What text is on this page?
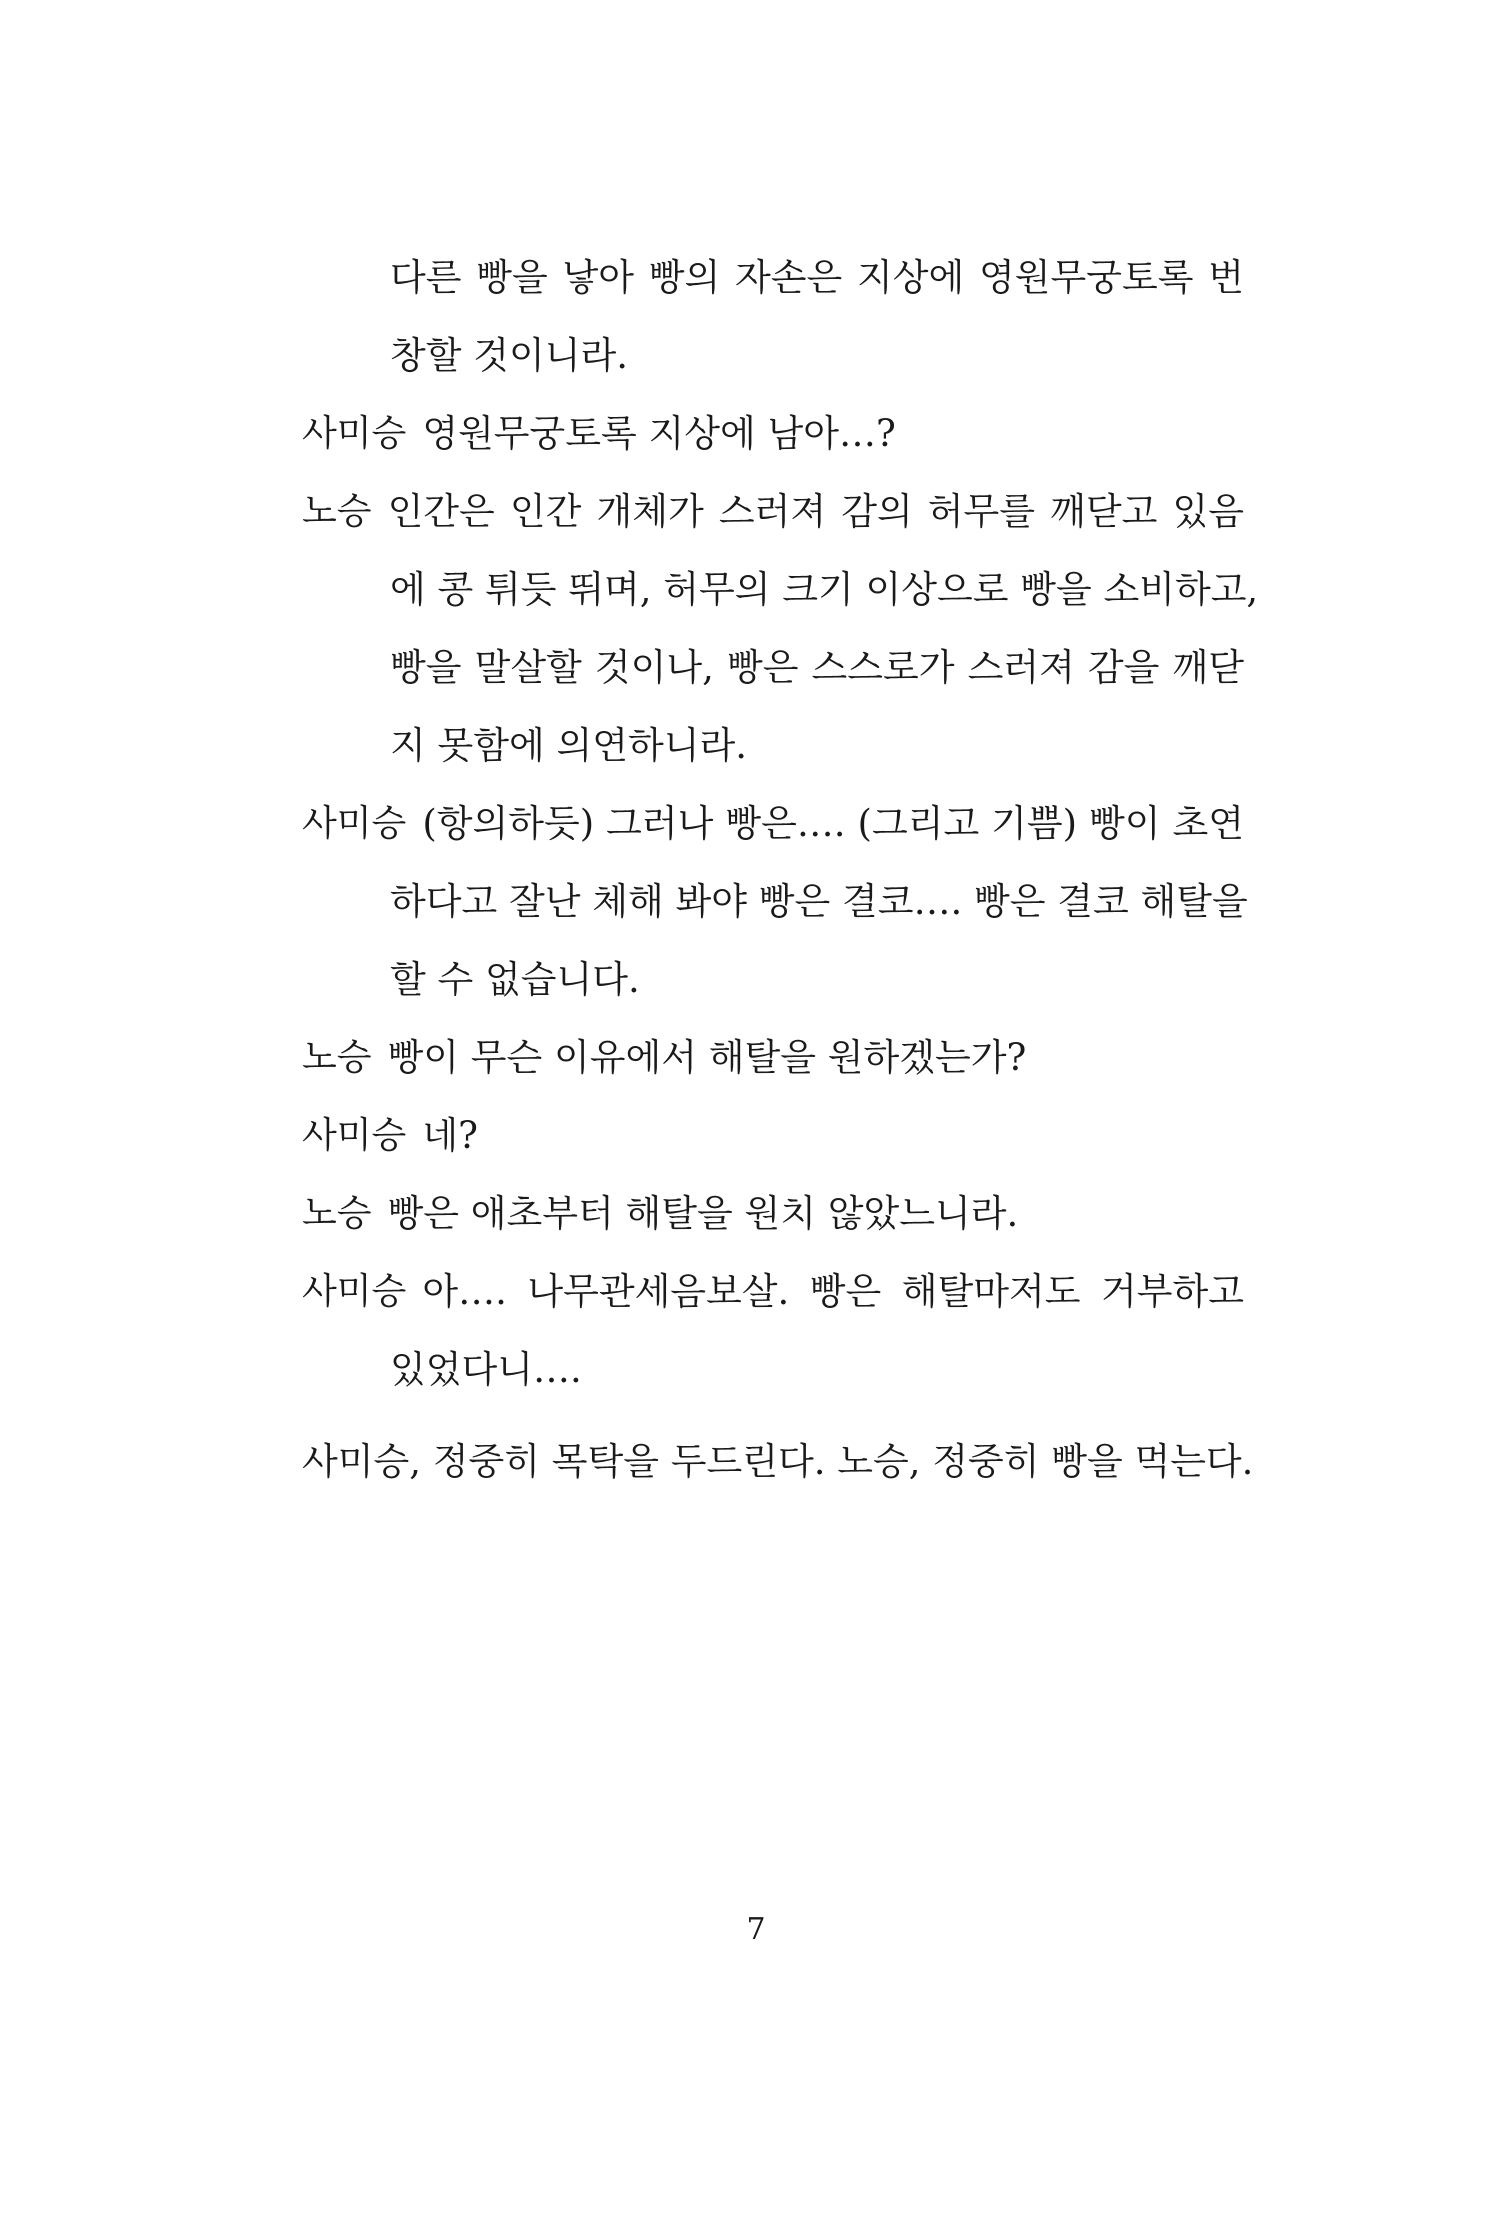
다른 빵을 낳아 빵의 자손은 지상에 영원무궁토록 번
창할 것이니라.
사미승 영원무궁토록 지상에 남아…?
노승 인간은 인간 개체가 스러져 감의 허무를 깨닫고 있음
에 콩 튀듯 뛰며, 허무의 크기 이상으로 빵을 소비하고,
빵을 말살할 것이나, 빵은 스스로가 스러져 감을 깨닫
지 못함에 의연하니라.
사미승 (항의하듯) 그러나 빵은…. (그리고 기쁨) 빵이 초연
하다고 잘난 체해 봐야 빵은 결코…. 빵은 결코 해탈을
할 수 없습니다.
노승 빵이 무슨 이유에서 해탈을 원하겠는가?
사미승 네?
노승 빵은 애초부터 해탈을 원치 않았느니라.
사미승 아…. 나무관세음보살. 빵은 해탈마저도 거부하고
있었다니….
사미승, 정중히 목탁을 두드린다. 노승, 정중히 빵을 먹는다.
7
